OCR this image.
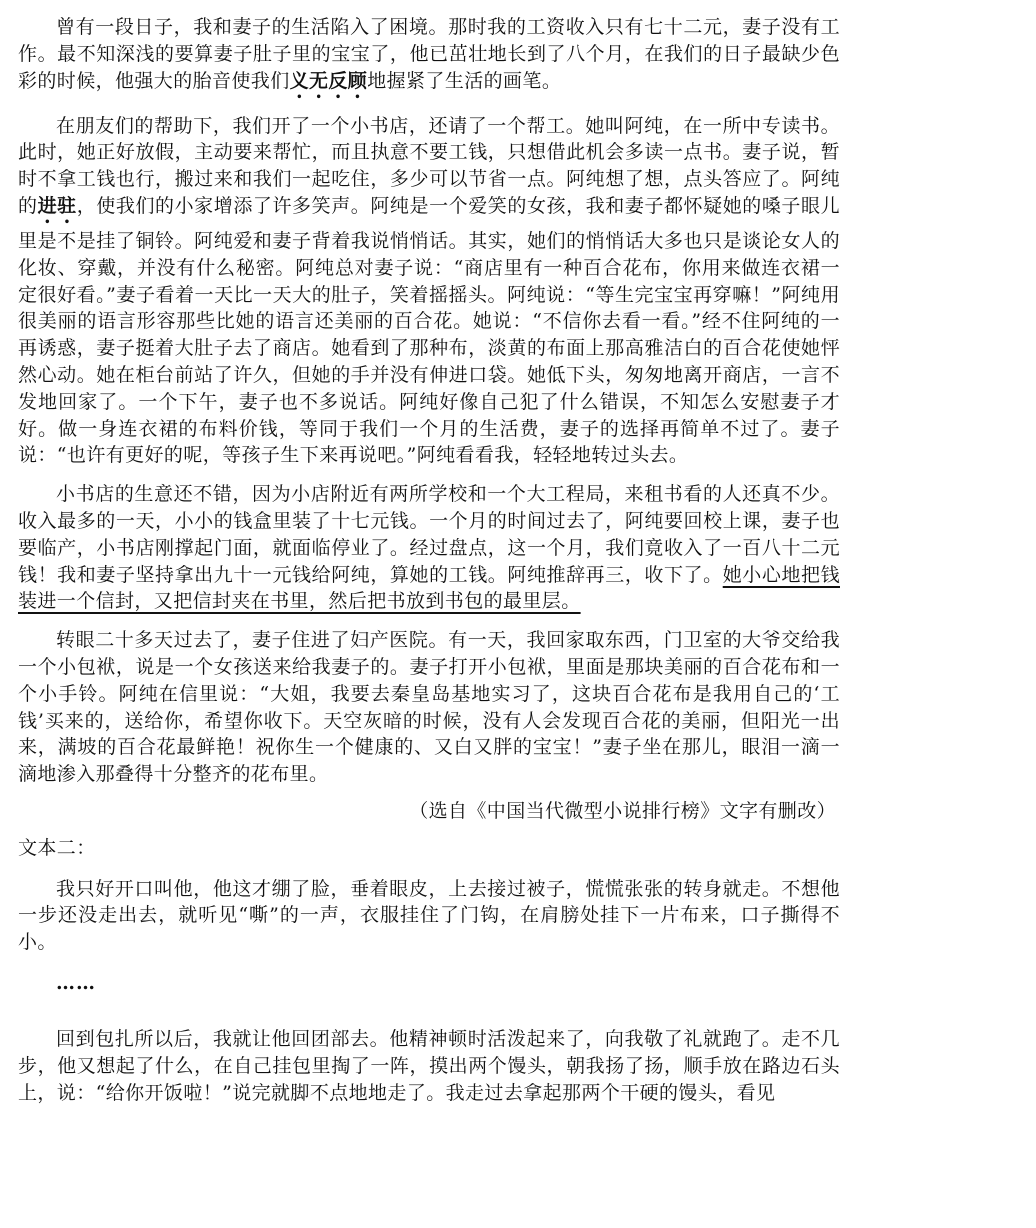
曾有一段日子，我和妻子的生活陷入了困境。那时我的工资收入只有七十二元，妻子没有工作。最不知深浅的要算妻子肚子里的宝宝了，他已茁壮地长到了八个月，在我们的日子最缺少色彩的时候，他强大的胎音使我们义无反顾地握紧了生活的画笔。

在朋友们的帮助下，我们开了一个小书店，还请了一个帮工。她叫阿纯，在一所中专读书。此时，她正好放假，主动要来帮忙，而且执意不要工钱，只想借此机会多读一点书。妻子说，暂时不拿工钱也行，搬过来和我们一起吃住，多少可以节省一点。阿纯想了想，点头答应了。阿纯的进驻，使我们的小家增添了许多笑声。阿纯是一个爱笑的女孩，我和妻子都怀疑她的嗓子眼儿里是不是挂了铜铃。阿纯爱和妻子背着我说悄悄话。其实，她们的悄悄话大多也只是谈论女人的化妆、穿戴，并没有什么秘密。阿纯总对妻子说：“商店里有一种百合花布，你用来做连衣裙一定很好看。”妻子看着一天比一天大的肚子，笑着摇摇头。阿纯说：“等生完宝宝再穿嘛！”阿纯用很美丽的语言形容那些比她的语言还美丽的百合花。她说：“不信你去看一看。”经不住阿纯的一再诱惑，妻子挺着大肚子去了商店。她看到了那种布，淡黄的布面上那高雅洁白的百合花使她怦然心动。她在柜台前站了许久，但她的手并没有伸进口袋。她低下头，匆匆地离开商店，一言不发地回家了。一个下午，妻子也不多说话。阿纯好像自己犯了什么错误，不知怎么安慰妻子才好。做一身连衣裙的布料价钱，等同于我们一个月的生活费，妻子的选择再简单不过了。妻子说：“也许有更好的呢，等孩子生下来再说吧。”阿纯看看我，轻轻地转过头去。

小书店的生意还不错，因为小店附近有两所学校和一个大工程局，来租书看的人还真不少。收入最多的一天，小小的钱盒里装了十七元钱。一个月的时间过去了，阿纯要回校上课，妻子也要临产，小书店刚撑起门面，就面临停业了。经过盘点，这一个月，我们竟收入了一百八十二元钱！我和妻子坚持拿出九十一元钱给阿纯，算她的工钱。阿纯推辞再三，收下了。她小心地把钱装进一个信封，又把信封夹在书里，然后把书放到书包的最里层。

转眼二十多天过去了，妻子住进了妇产医院。有一天，我回家取东西，门卫室的大爷交给我一个小包袱，说是一个女孩送来给我妻子的。妻子打开小包袱，里面是那块美丽的百合花布和一个小手铃。阿纯在信里说：“大姐，我要去秦皇岛基地实习了，这块百合花布是我用自己的‘工钱’买来的，送给你，希望你收下。天空灰暗的时候，没有人会发现百合花的美丽，但阳光一出来，满坡的百合花最鲜艳！祝你生一个健康的、又白又胖的宝宝！”妻子坐在那儿，眼泪一滴一滴地渗入那叠得十分整齐的花布里。

（选自《中国当代微型小说排行榜》文字有删改）

文本二：

我只好开口叫他，他这才绷了脸，垂着眼皮，上去接过被子，慌慌张张的转身就走。不想他一步还没走出去，就听见“嘶”的一声，衣服挂住了门钩，在肩膀处挂下一片布来，口子撕得不小。

……

回到包扎所以后，我就让他回团部去。他精神顿时活泼起来了，向我敬了礼就跑了。走不几步，他又想起了什么，在自己挂包里掏了一阵，摸出两个馒头，朝我扬了扬，顺手放在路边石头上，说：“给你开饭啦！”说完就脚不点地地走了。我走过去拿起那两个干硬的馒头，看见
